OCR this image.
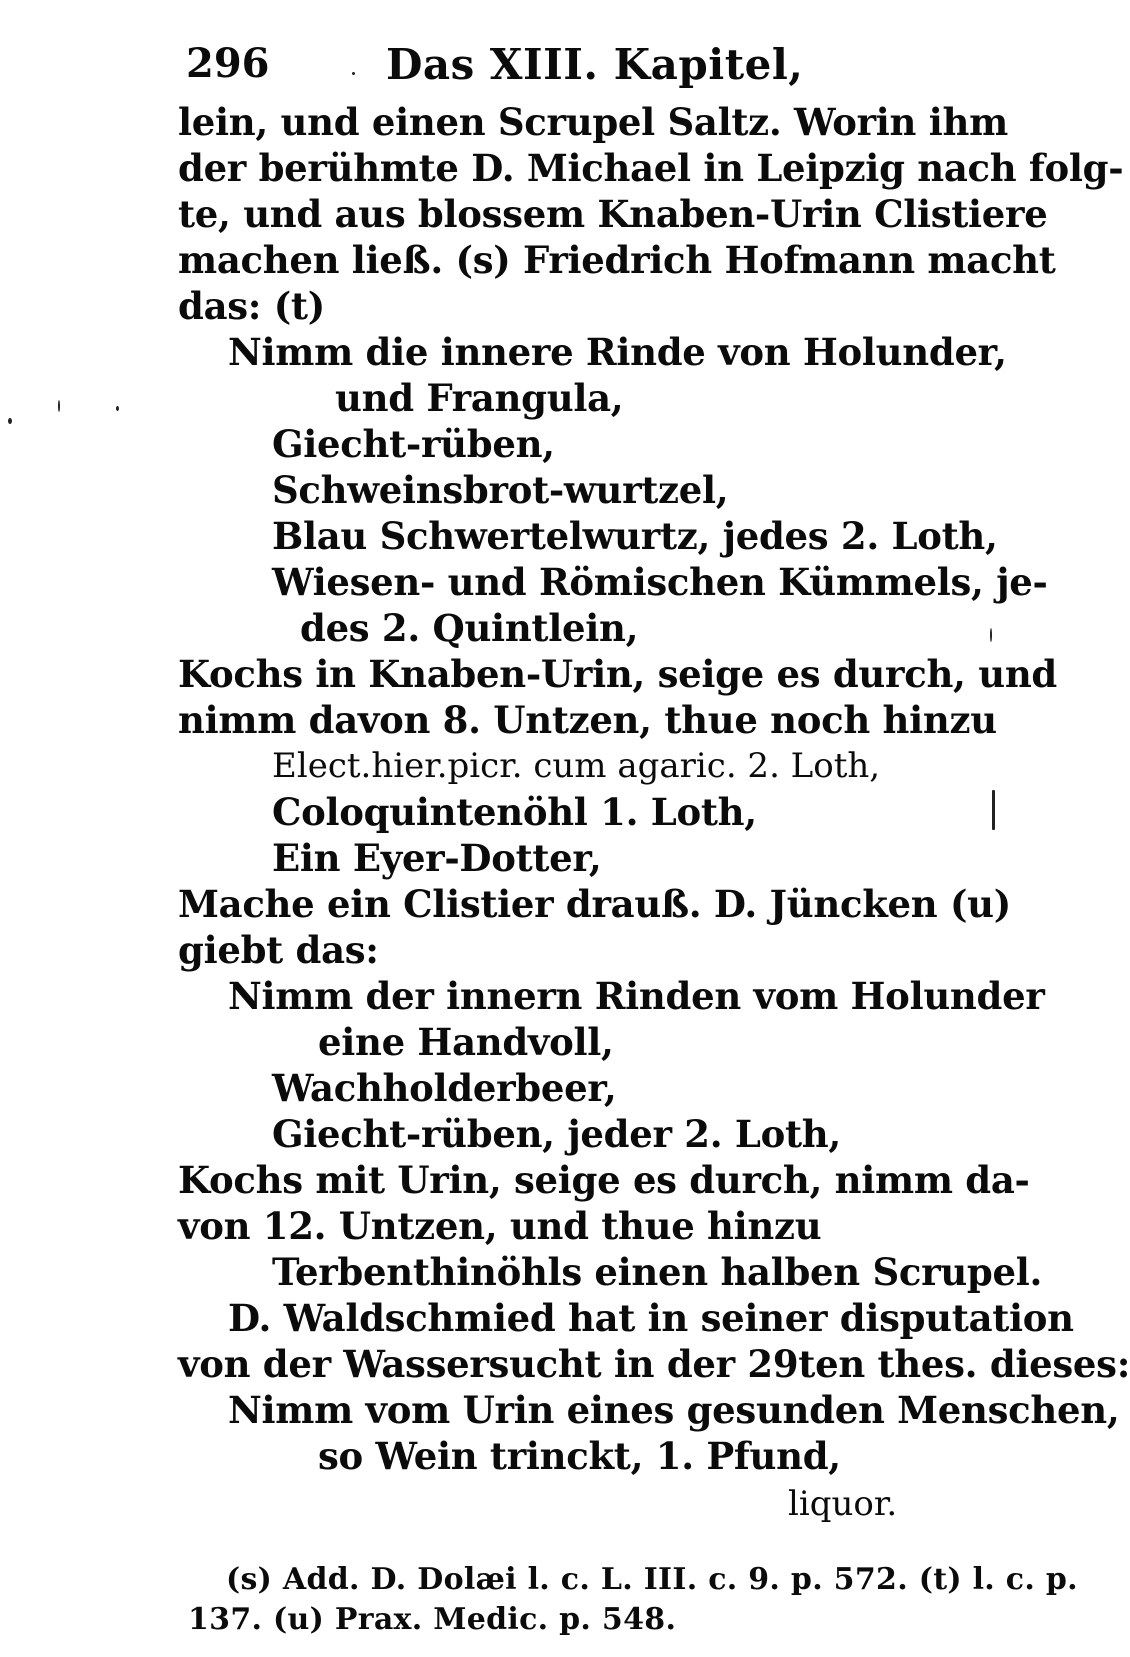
296	Das XIII. Kapitel,
lein, und einen Scrupel Saltz. Worin ihm
der berühmte D. Michael in Leipzig nach folg-
te, und aus blossem Knaben-Urin Clistiere
machen ließ. (s) Friedrich Hofmann macht
das: (t)
Nimm die innere Rinde von Holunder,
und Frangula,
Giecht-rüben,
Schweinsbrot-wurtzel,
Blau Schwertelwurtz, jedes 2. Loth,
Wiesen- und Römischen Kümmels, je-
des 2. Quintlein,
Kochs in Knaben-Urin, seige es durch, und
nimm davon 8. Untzen, thue noch hinzu
Elect.hier.picr. cum agaric. 2. Loth,
Coloquintenöhl 1. Loth,
Ein Eyer-Dotter,
Mache ein Clistier drauß. D. Jüncken (u)
giebt das:
Nimm der innern Rinden vom Holunder
eine Handvoll,
Wachholderbeer,
Giecht-rüben, jeder 2. Loth,
Kochs mit Urin, seige es durch, nimm da-
von 12. Untzen, und thue hinzu
Terbenthinöhls einen halben Scrupel.
D. Waldschmied hat in seiner disputation
von der Wassersucht in der 29ten thes. dieses:
Nimm vom Urin eines gesunden Menschen,
so Wein trinckt, 1. Pfund,
liquor.
(s) Add. D. Dolæi l. c. L. III. c. 9. p. 572. (t) l. c. p.
137. (u) Prax. Medic. p. 548.
